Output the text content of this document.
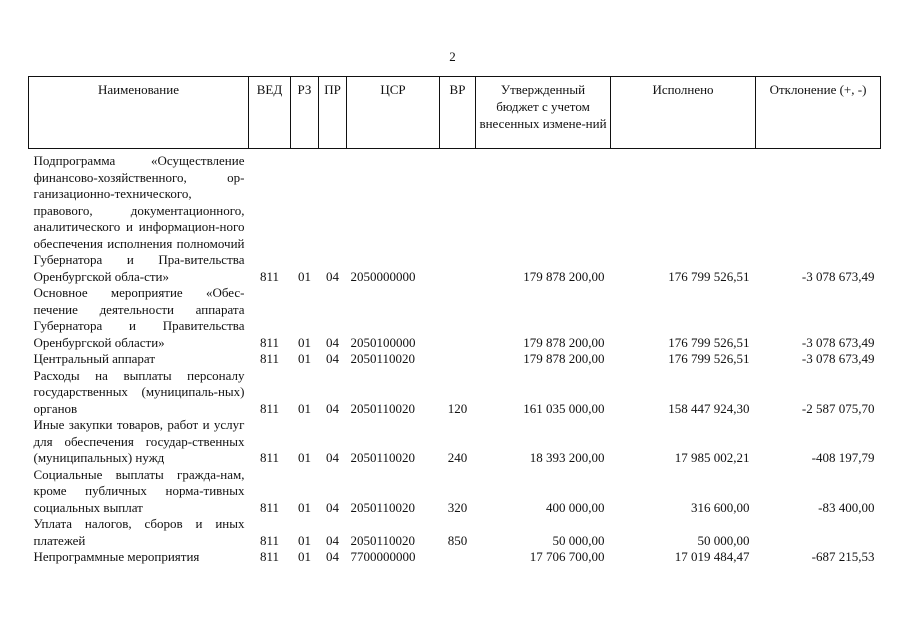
2
Наименование	ВЕД	РЗ	ПР	ЦСР	ВР	Утвержденный бюджет с учетом внесенных измене-ний	Исполнено	Отклонение (+, -)
Подпрограмма «Осуществление финансово-хозяйственного, ор-ганизационно-технического, правового, документационного, аналитического и информацион-ного обеспечения исполнения полномочий Губернатора и Пра-вительства Оренбургской обла-сти»	811	01	04	2050000000		179 878 200,00	176 799 526,51	-3 078 673,49
Основное мероприятие «Обес-печение деятельности аппарата Губернатора и Правительства Оренбургской области»	811	01	04	2050100000		179 878 200,00	176 799 526,51	-3 078 673,49
Центральный аппарат	811	01	04	2050110020		179 878 200,00	176 799 526,51	-3 078 673,49
Расходы на выплаты персоналу государственных (муниципаль-ных) органов	811	01	04	2050110020	120	161 035 000,00	158 447 924,30	-2 587 075,70
Иные закупки товаров, работ и услуг для обеспечения государ-ственных (муниципальных) нужд	811	01	04	2050110020	240	18 393 200,00	17 985 002,21	-408 197,79
Социальные выплаты гражда-нам, кроме публичных норма-тивных социальных выплат	811	01	04	2050110020	320	400 000,00	316 600,00	-83 400,00
Уплата налогов, сборов и иных платежей	811	01	04	2050110020	850	50 000,00	50 000,00	
Непрограммные мероприятия	811	01	04	7700000000		17 706 700,00	17 019 484,47	-687 215,53
